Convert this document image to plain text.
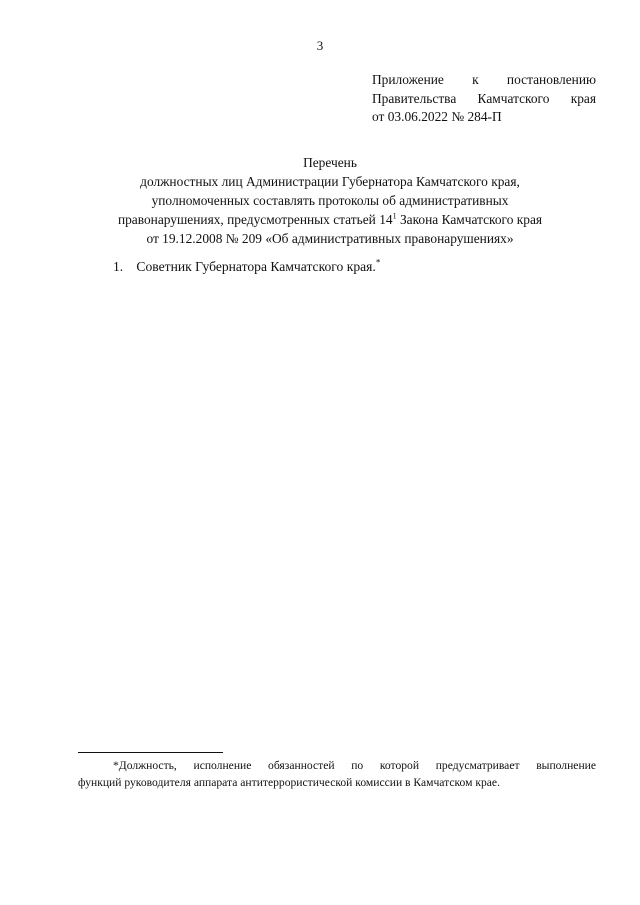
3
Приложение к постановлению
Правительства Камчатского края
от 03.06.2022 № 284-П
Перечень
должностных лиц Администрации Губернатора Камчатского края,
уполномоченных составлять протоколы об административных
правонарушениях, предусмотренных статьей $14^1$ Закона Камчатского края
от 19.12.2008 № 209 «Об административных правонарушениях»
1. Советник Губернатора Камчатского края.*
*Должность, исполнение обязанностей по которой предусматривает выполнение
функций руководителя аппарата антитеррористической комиссии в Камчатском крае.
